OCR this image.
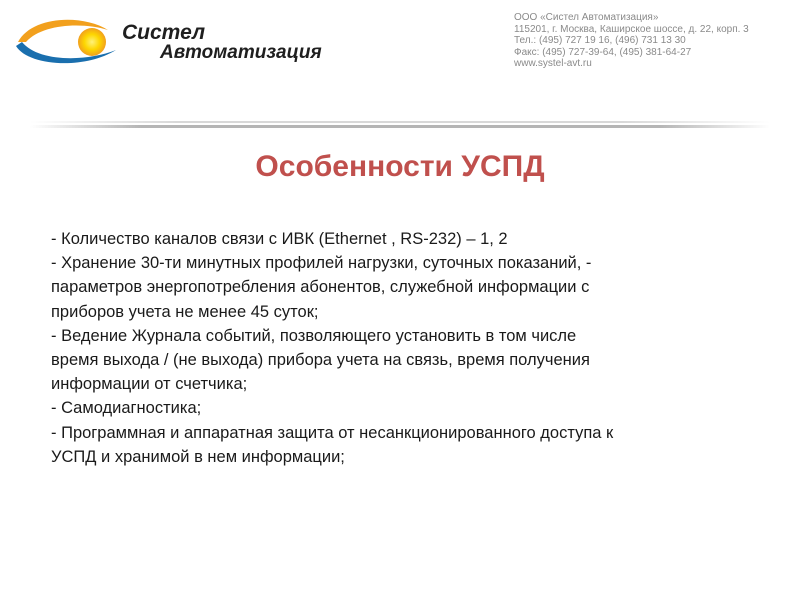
Систел
Автоматизация
ООО «Систел Автоматизация»
115201, г. Москва, Каширское шоссе, д. 22, корп. 3
Тел.: (495) 727 19 16, (496) 731 13 30
Факс: (495) 727-39-64, (495) 381-64-27
www.systel-avt.ru
Особенности УСПД
- Количество каналов связи с ИВК (Ethernet , RS-232) – 1, 2
- Хранение 30-ти минутных профилей нагрузки, суточных показаний, -
параметров энергопотребления абонентов, служебной информации с
приборов учета не менее 45 суток;
- Ведение Журнала событий, позволяющего установить в том числе
время выхода / (не выхода) прибора учета на связь, время получения
информации от счетчика;
- Самодиагностика;
- Программная и аппаратная защита от несанкционированного доступа к
УСПД и хранимой в нем информации;
